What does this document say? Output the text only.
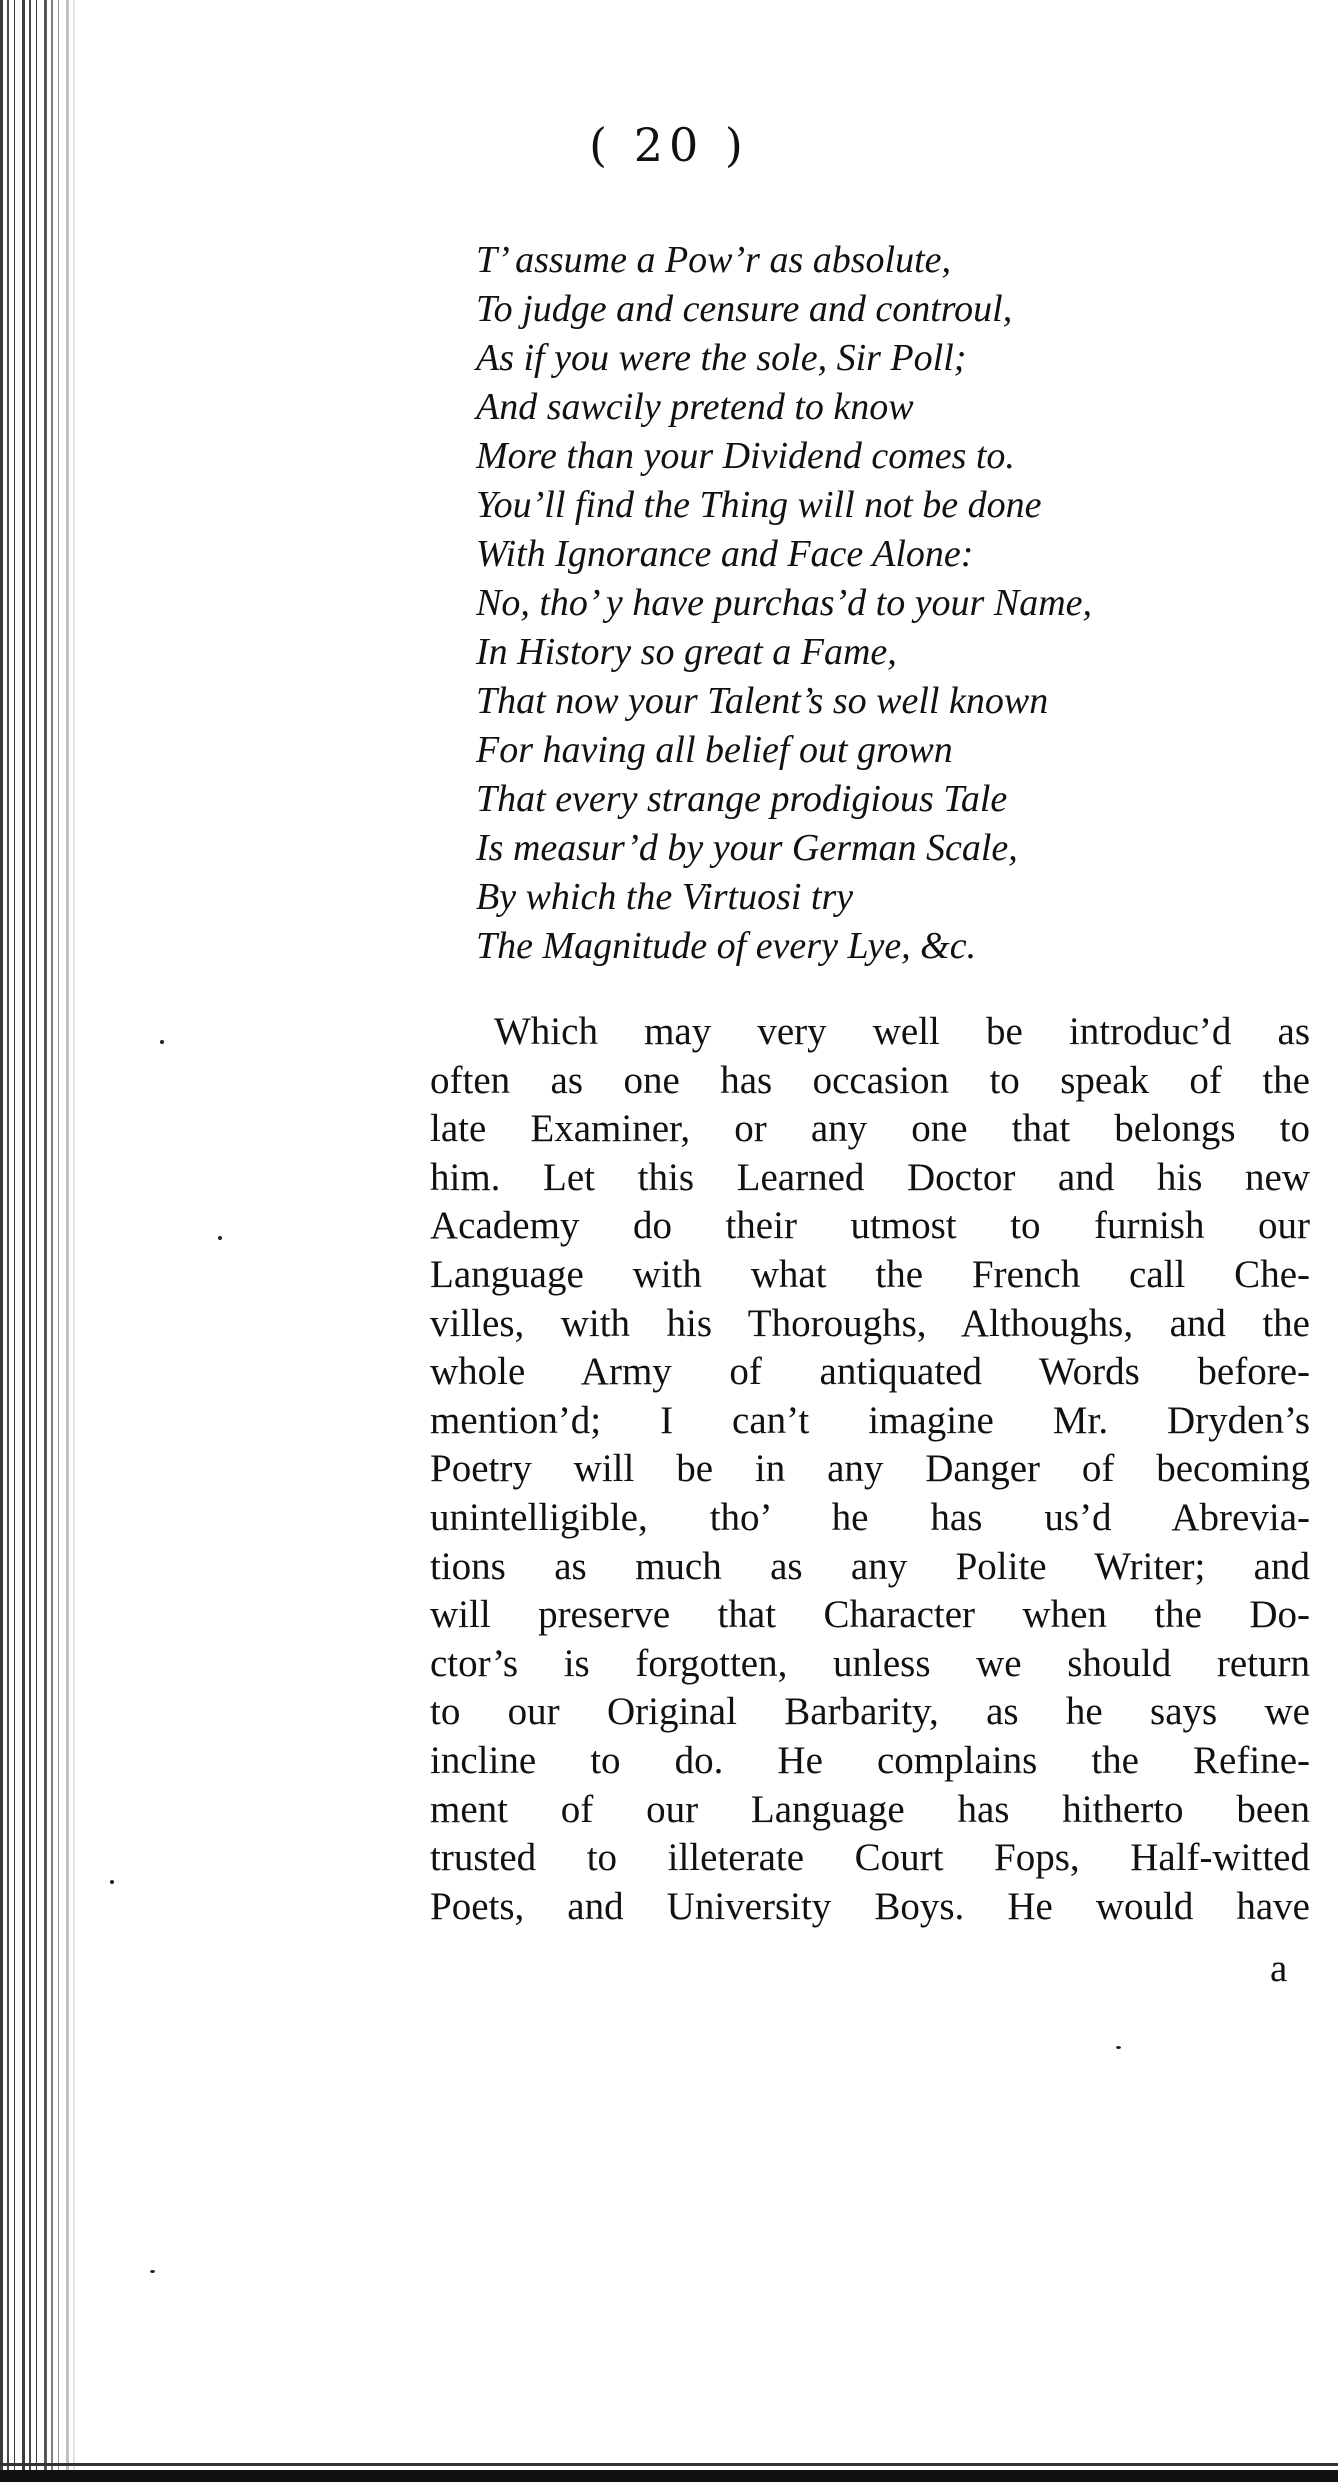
( 20 )
T’ assume a Pow’r as absolute,
To judge and censure and controul,
As if you were the sole, Sir Poll;
And sawcily pretend to know
More than your Dividend comes to.
You’ll find the Thing will not be done
With Ignorance and Face Alone:
No, tho’ y have purchas’d to your Name,
In History so great a Fame,
That now your Talent’s so well known
For having all belief out grown
That every strange prodigious Tale
Is measur’d by your German Scale,
By which the Virtuosi try
The Magnitude of every Lye, &c.
Which may very well be introduc’d as
often as one has occasion to speak of the
late Examiner, or any one that belongs to
him. Let this Learned Doctor and his new
Academy do their utmost to furnish our
Language with what the French call Che-
villes, with his Thoroughs, Althoughs, and the
whole Army of antiquated Words before-
mention’d; I can’t imagine Mr. Dryden’s
Poetry will be in any Danger of becoming
unintelligible, tho’ he has us’d Abrevia-
tions as much as any Polite Writer; and
will preserve that Character when the Do-
ctor’s is forgotten, unless we should return
to our Original Barbarity, as he says we
incline to do. He complains the Refine-
ment of our Language has hitherto been
trusted to illeterate Court Fops, Half-witted
Poets, and University Boys. He would have
a
